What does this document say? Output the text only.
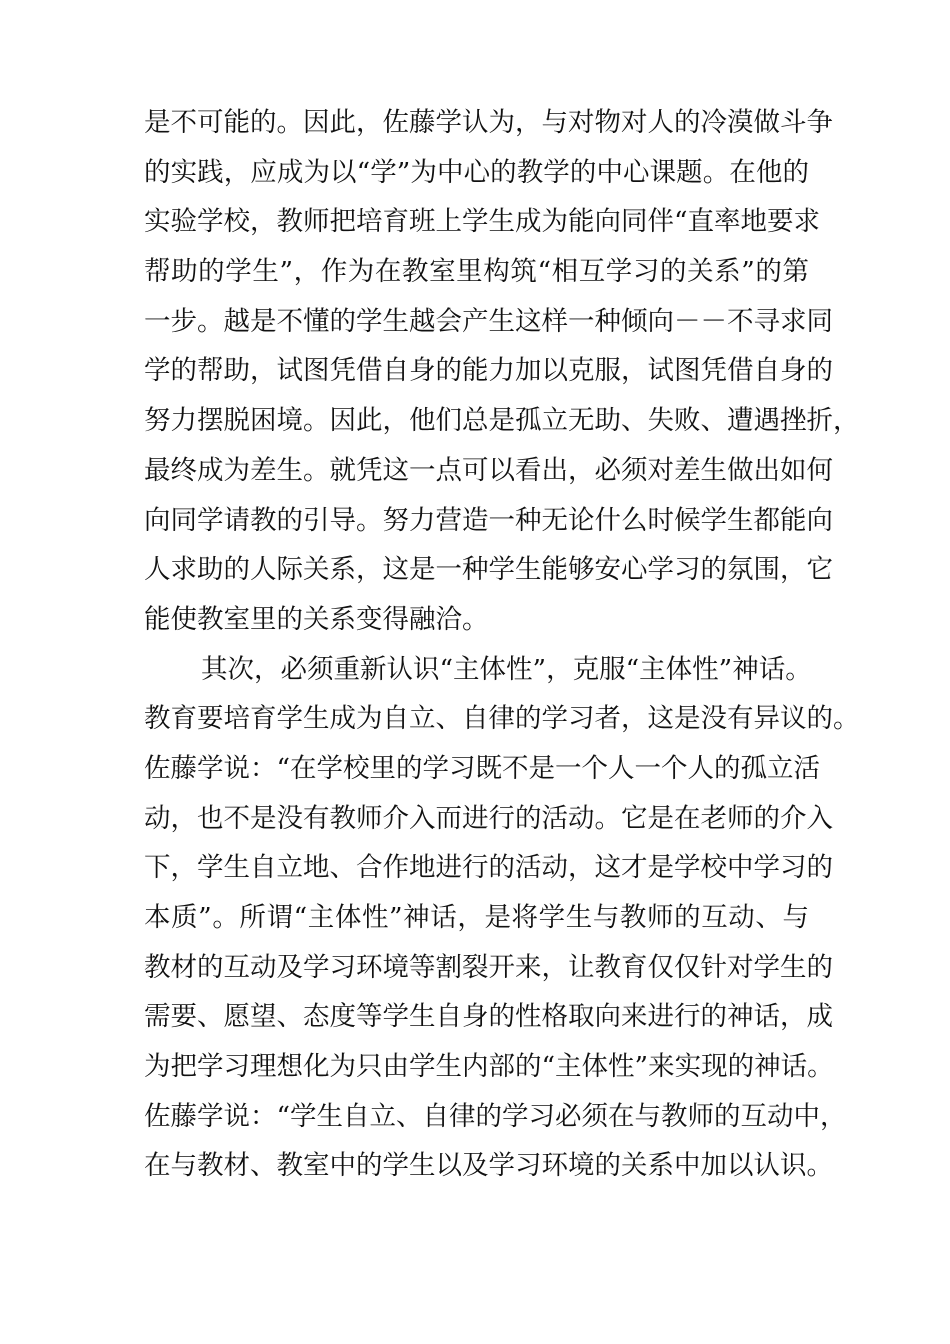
是不可能的。因此，佐藤学认为，与对物对人的冷漠做斗争
的实践，应成为以“学”为中心的教学的中心课题。在他的
实验学校，教师把培育班上学生成为能向同伴“直率地要求
帮助的学生”，作为在教室里构筑“相互学习的关系”的第
一步。越是不懂的学生越会产生这样一种倾向－－不寻求同
学的帮助，试图凭借自身的能力加以克服，试图凭借自身的
努力摆脱困境。因此，他们总是孤立无助、失败、遭遇挫折，
最终成为差生。就凭这一点可以看出，必须对差生做出如何
向同学请教的引导。努力营造一种无论什么时候学生都能向
人求助的人际关系，这是一种学生能够安心学习的氛围，它
能使教室里的关系变得融洽。
其次，必须重新认识“主体性”，克服“主体性”神话。
教育要培育学生成为自立、自律的学习者，这是没有异议的。
佐藤学说：“在学校里的学习既不是一个人一个人的孤立活
动，也不是没有教师介入而进行的活动。它是在老师的介入
下，学生自立地、合作地进行的活动，这才是学校中学习的
本质”。所谓“主体性”神话，是将学生与教师的互动、与
教材的互动及学习环境等割裂开来，让教育仅仅针对学生的
需要、愿望、态度等学生自身的性格取向来进行的神话，成
为把学习理想化为只由学生内部的“主体性”来实现的神话。
佐藤学说：“学生自立、自律的学习必须在与教师的互动中，
在与教材、教室中的学生以及学习环境的关系中加以认识。
